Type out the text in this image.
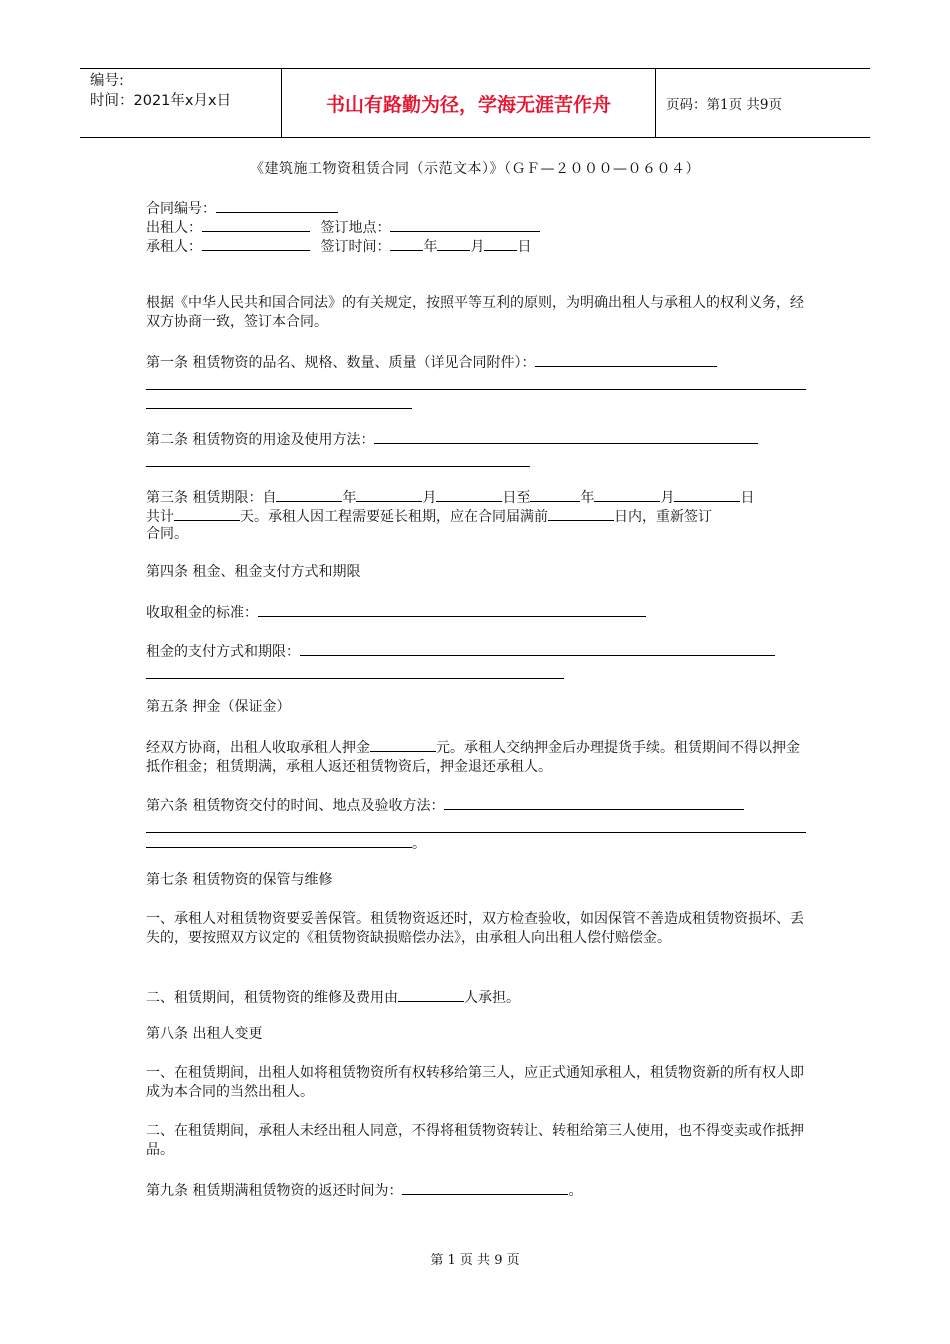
编号:
时间：2021年x月x日	书山有路勤为径，学海无涯苦作舟	页码：第1页 共9页
《建筑施工物资租赁合同（示范文本）》（ＧＦ—２０００—０６０４）
合同编号：
出租人：	签订地点：
承租人：	签订时间： 年 月 日
根据《中华人民共和国合同法》的有关规定，按照平等互利的原则，为明确出租人与承租人的权利义务，经双方协商一致，签订本合同。
第一条 租赁物资的品名、规格、数量、质量（详见合同附件）：
第二条 租赁物资的用途及使用方法：
第三条 租赁期限：自	年	月	日至	年	月	日
共计	天。承租人因工程需要延长租期，应在合同届满前	日内，重新签订
合同。
第四条 租金、租金支付方式和期限
收取租金的标准：
租金的支付方式和期限：
第五条 押金（保证金）
经双方协商，出租人收取承租人押金	元。承租人交纳押金后办理提货手续。租赁期间不得以押金抵作租金；租赁期满，承租人返还租赁物资后，押金退还承租人。
第六条 租赁物资交付的时间、地点及验收方法：
。
第七条 租赁物资的保管与维修
一、承租人对租赁物资要妥善保管。租赁物资返还时，双方检查验收，如因保管不善造成租赁物资损坏、丢失的，要按照双方议定的《租赁物资缺损赔偿办法》，由承租人向出租人偿付赔偿金。
二、租赁期间，租赁物资的维修及费用由	人承担。
第八条 出租人变更
一、在租赁期间，出租人如将租赁物资所有权转移给第三人，应正式通知承租人，租赁物资新的所有权人即成为本合同的当然出租人。
二、在租赁期间，承租人未经出租人同意，不得将租赁物资转让、转租给第三人使用，也不得变卖或作抵押品。
第九条 租赁期满租赁物资的返还时间为：	。
第 1 页 共 9 页
